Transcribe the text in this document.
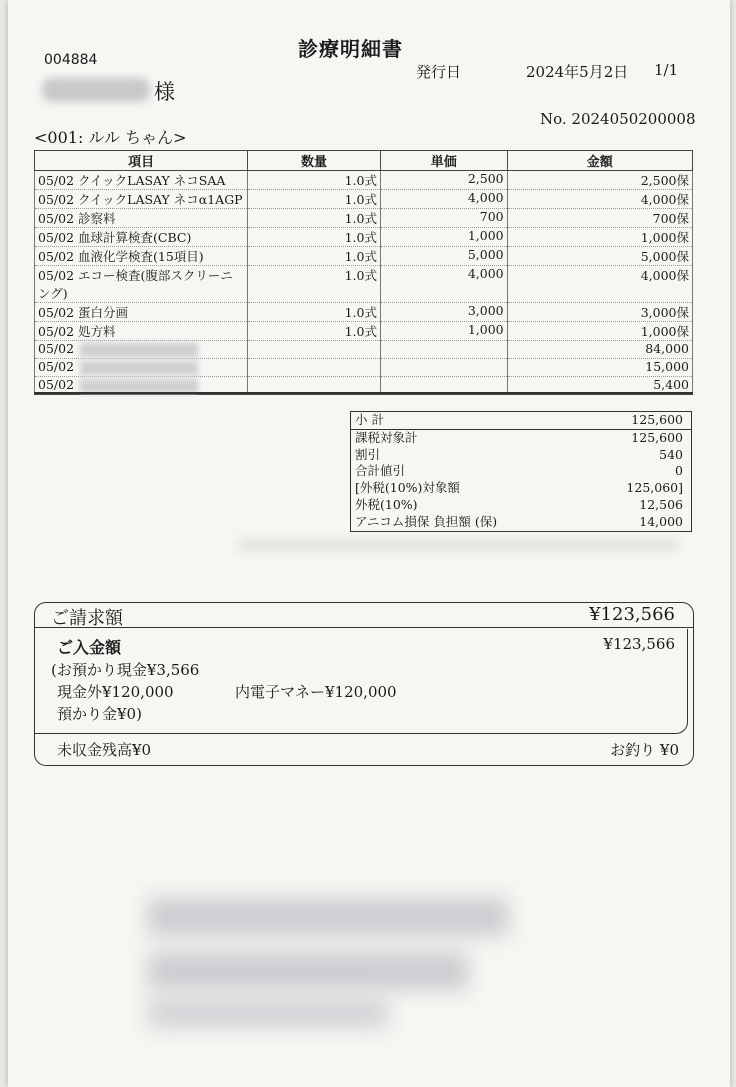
診療明細書
004884
発行日	2024年5月2日 1/1
様
No. 2024050200008
<001: ルル ちゃん>
項目	数量	単価	金額
05/02 クイックLASAY ネコSAA	1.0式	2,500	2,500保
05/02 クイックLASAY ネコα1AGP	1.0式	4,000	4,000保
05/02 診察料	1.0式	700	700保
05/02 血球計算検査(CBC)	1.0式	1,000	1,000保
05/02 血液化学検査(15項目)	1.0式	5,000	5,000保
05/02 エコー検査(腹部スクリーニング)	1.0式	4,000	4,000保
05/02 蛋白分画	1.0式	3,000	3,000保
05/02 処方料	1.0式	1,000	1,000保
05/02			84,000
05/02			15,000
05/02			5,400
小 計	125,600
課税対象計	125,600
割引	540
合計値引	0
[外税(10%)対象額	125,060]
外税(10%)	12,506
アニコム損保 負担額 (保)	14,000
ご請求額	¥123,566
ご入金額	¥123,566
(お預かり現金¥3,566
現金外¥120,000	内電子マネー¥120,000
預かり金¥0)
未収金残高¥0	お釣り ¥0
